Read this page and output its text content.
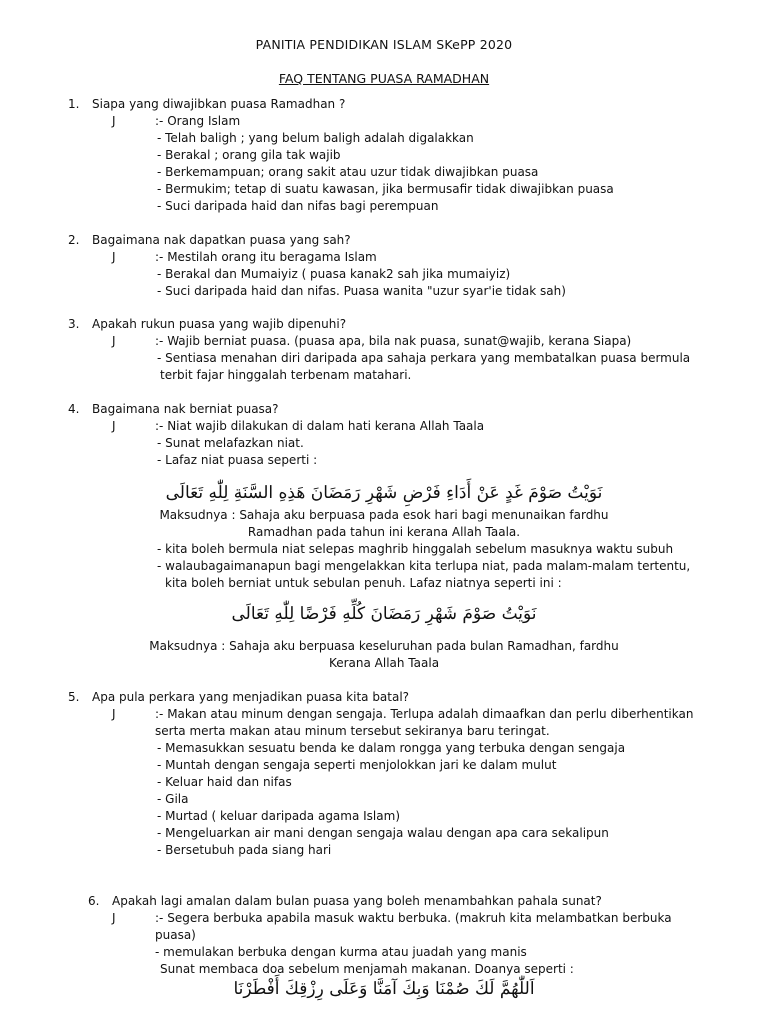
PANITIA PENDIDIKAN ISLAM SKePP 2020
FAQ TENTANG PUASA RAMADHAN
1. Siapa yang diwajibkan puasa Ramadhan ?
J	:- Orang Islam
- Telah baligh ; yang belum baligh adalah digalakkan
- Berakal ; orang gila tak wajib
- Berkemampuan; orang sakit atau uzur tidak diwajibkan puasa
- Bermukim; tetap di suatu kawasan, jika bermusafir tidak diwajibkan puasa
- Suci daripada haid dan nifas bagi perempuan
2. Bagaimana nak dapatkan puasa yang sah?
J	:- Mestilah orang itu beragama Islam
- Berakal dan Mumaiyiz ( puasa kanak2 sah jika mumaiyiz)
- Suci daripada haid dan nifas. Puasa wanita "uzur syar'ie tidak sah)
3. Apakah rukun puasa yang wajib dipenuhi?
J	:- Wajib berniat puasa. (puasa apa, bila nak puasa, sunat@wajib, kerana Siapa)
- Sentiasa menahan diri daripada apa sahaja perkara yang membatalkan puasa bermula
terbit fajar hinggalah terbenam matahari.
4. Bagaimana nak berniat puasa?
J	:- Niat wajib dilakukan di dalam hati kerana Allah Taala
- Sunat melafazkan niat.
- Lafaz niat puasa seperti :
نَوَيْتُ صَوْمَ غَدٍ عَنْ أَدَاءِ فَرْضِ شَهْرِ رَمَضَانَ هَذِهِ السَّنَةِ لِلّٰهِ تَعَالَى
Maksudnya : Sahaja aku berpuasa pada esok hari bagi menunaikan fardhu
Ramadhan pada tahun ini kerana Allah Taala.
- kita boleh bermula niat selepas maghrib hinggalah sebelum masuknya waktu subuh
- walaubagaimanapun bagi mengelakkan kita terlupa niat, pada malam-malam tertentu,
kita boleh berniat untuk sebulan penuh. Lafaz niatnya seperti ini :
نَوَيْتُ صَوْمَ شَهْرِ رَمَضَانَ كُلِّهِ فَرْضًا لِلّٰهِ تَعَالَى
Maksudnya : Sahaja aku berpuasa keseluruhan pada bulan Ramadhan, fardhu
Kerana Allah Taala
5. Apa pula perkara yang menjadikan puasa kita batal?
J	:- Makan atau minum dengan sengaja. Terlupa adalah dimaafkan dan perlu diberhentikan
serta merta makan atau minum tersebut sekiranya baru teringat.
- Memasukkan sesuatu benda ke dalam rongga yang terbuka dengan sengaja
- Muntah dengan sengaja seperti menjolokkan jari ke dalam mulut
- Keluar haid dan nifas
- Gila
- Murtad ( keluar daripada agama Islam)
- Mengeluarkan air mani dengan sengaja walau dengan apa cara sekalipun
- Bersetubuh pada siang hari
6. Apakah lagi amalan dalam bulan puasa yang boleh menambahkan pahala sunat?
J	:- Segera berbuka apabila masuk waktu berbuka. (makruh kita melambatkan berbuka
puasa)
- memulakan berbuka dengan kurma atau juadah yang manis
Sunat membaca doa sebelum menjamah makanan. Doanya seperti :
اَللّٰهُمَّ لَكَ صُمْنَا وَبِكَ آمَنَّا وَعَلَى رِزْقِكَ أَفْطَرْنَا
